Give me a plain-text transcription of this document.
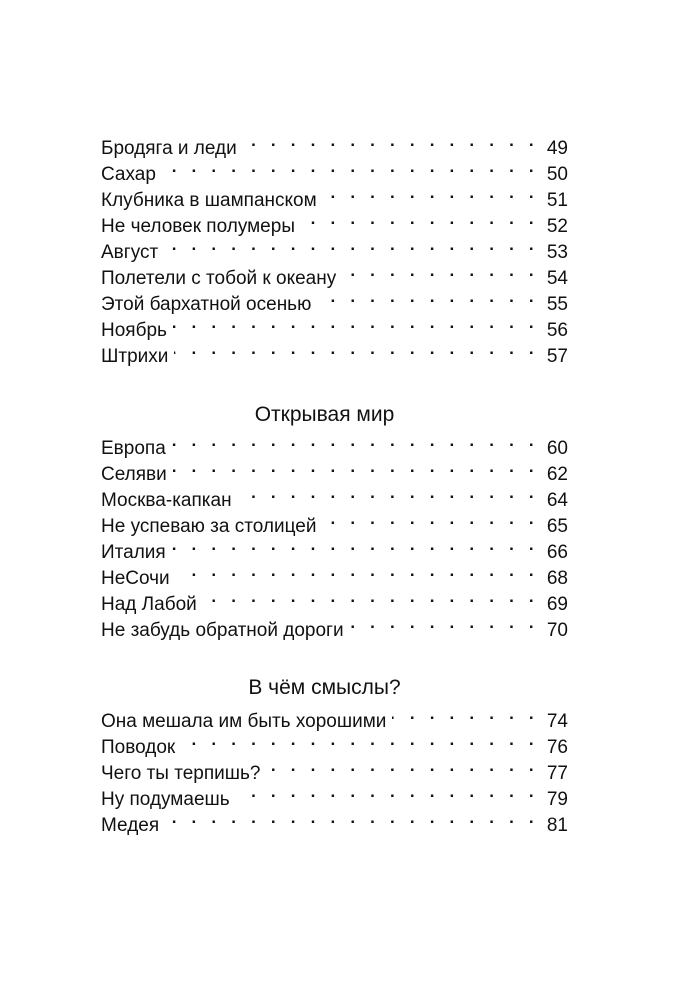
Бродяга и леди . . .	49
Сахар . . .	50
Клубника в шампанском . . .	51
Не человек полумеры . . .	52
Август . . .	53
Полетели с тобой к океану . . .	54
Этой бархатной осенью . . .	55
Ноябрь . . .	56
Штрихи . . .	57
Открывая мир
Европа . . .	60
Селяви . . .	62
Москва-капкан . . .	64
Не успеваю за столицей . . .	65
Италия . . .	66
НеСочи . . .	68
Над Лабой . . .	69
Не забудь обратной дороги . . .	70
В чём смыслы?
Она мешала им быть хорошими . . .	74
Поводок . . .	76
Чего ты терпишь? . . .	77
Ну подумаешь . . .	79
Медея . . .	81
